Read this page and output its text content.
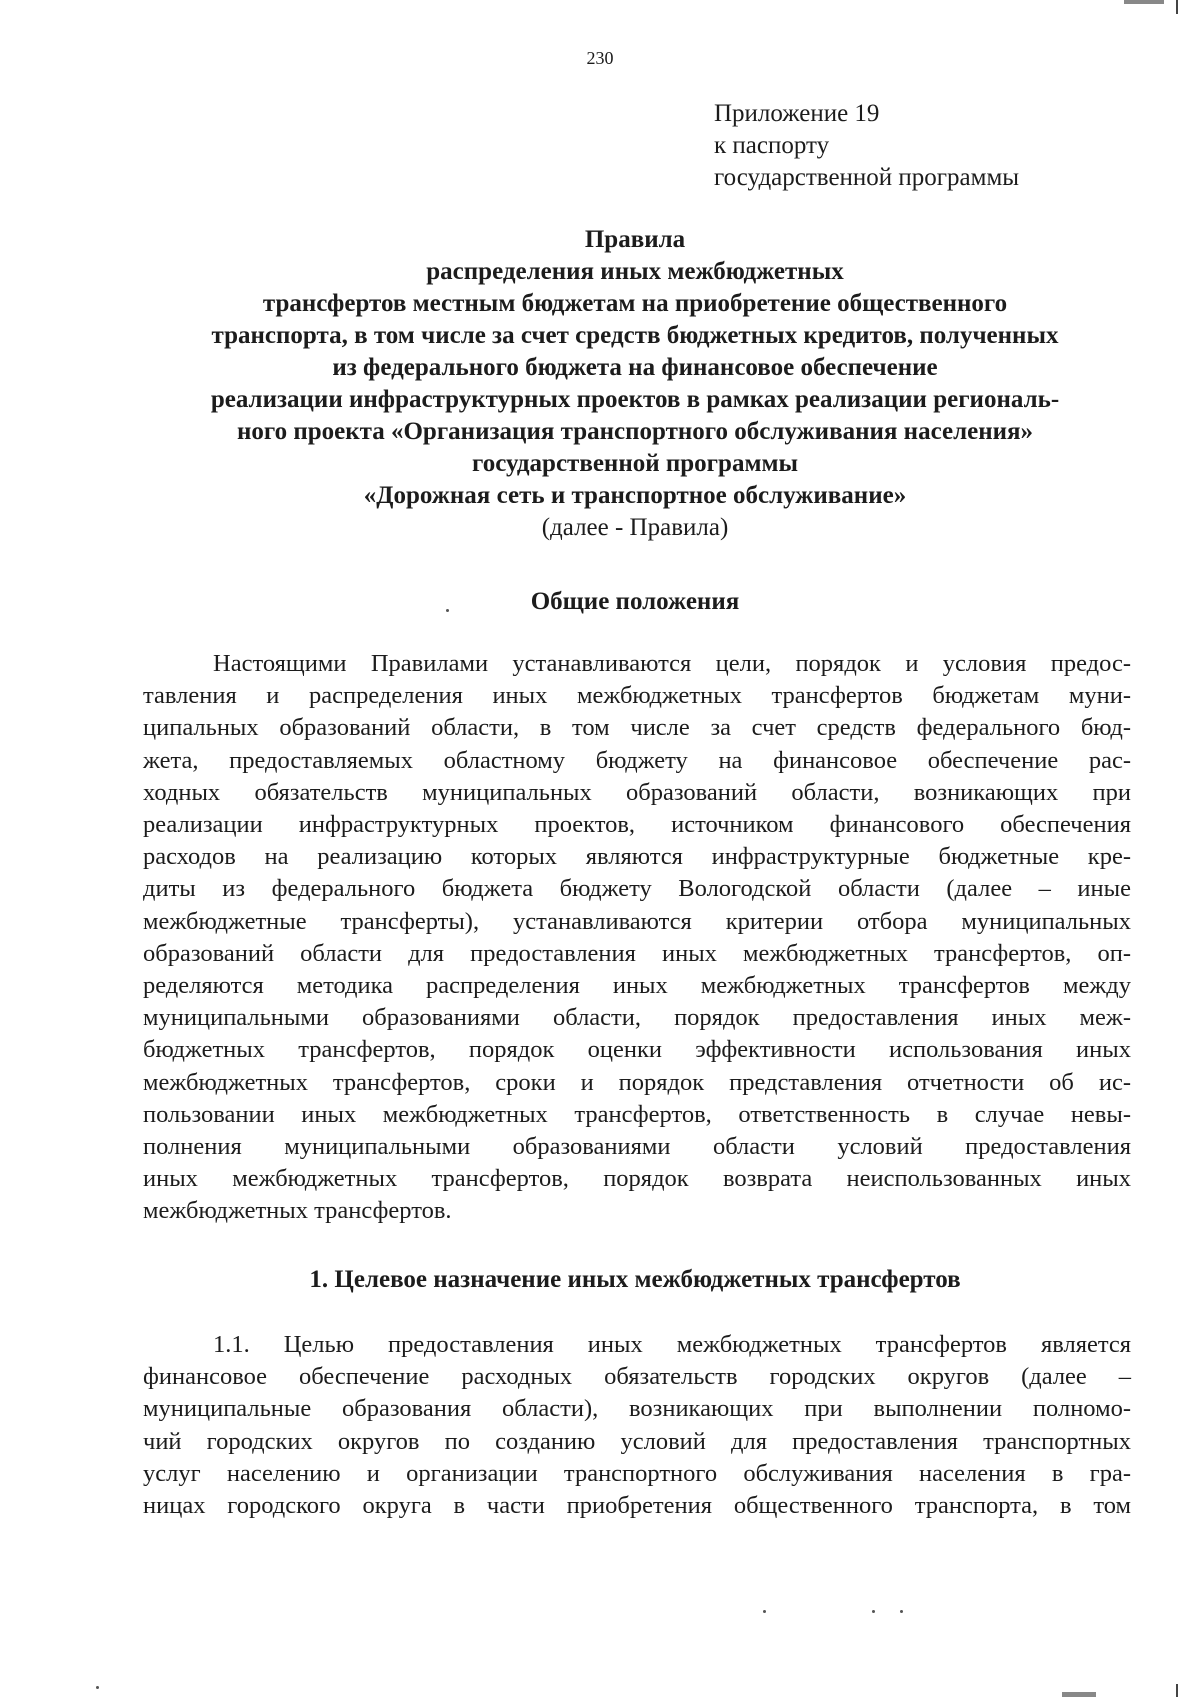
230
Приложение 19
к паспорту
государственной программы
Правила
распределения иных межбюджетных
трансфертов местным бюджетам на приобретение общественного
транспорта, в том числе за счет средств бюджетных кредитов, полученных
из федерального бюджета на финансовое обеспечение
реализации инфраструктурных проектов в рамках реализации региональ-
ного проекта «Организация транспортного обслуживания населения»
государственной программы
«Дорожная сеть и транспортное обслуживание»
(далее - Правила)
Общие положения
Настоящими Правилами устанавливаются цели, порядок и условия предос-
тавления и распределения иных межбюджетных трансфертов бюджетам муни-
ципальных образований области, в том числе за счет средств федерального бюд-
жета, предоставляемых областному бюджету на финансовое обеспечение рас-
ходных обязательств муниципальных образований области, возникающих при
реализации инфраструктурных проектов, источником финансового обеспечения
расходов на реализацию которых являются инфраструктурные бюджетные кре-
диты из федерального бюджета бюджету Вологодской области (далее – иные
межбюджетные трансферты), устанавливаются критерии отбора муниципальных
образований области для предоставления иных межбюджетных трансфертов, оп-
ределяются методика распределения иных межбюджетных трансфертов между
муниципальными образованиями области, порядок предоставления иных меж-
бюджетных трансфертов, порядок оценки эффективности использования иных
межбюджетных трансфертов, сроки и порядок представления отчетности об ис-
пользовании иных межбюджетных трансфертов, ответственность в случае невы-
полнения муниципальными образованиями области условий предоставления
иных межбюджетных трансфертов, порядок возврата неиспользованных иных
межбюджетных трансфертов.
1. Целевое назначение иных межбюджетных трансфертов
1.1. Целью предоставления иных межбюджетных трансфертов является
финансовое обеспечение расходных обязательств городских округов (далее –
муниципальные образования области), возникающих при выполнении полномо-
чий городских округов по созданию условий для предоставления транспортных
услуг населению и организации транспортного обслуживания населения в гра-
ницах городского округа в части приобретения общественного транспорта, в том
